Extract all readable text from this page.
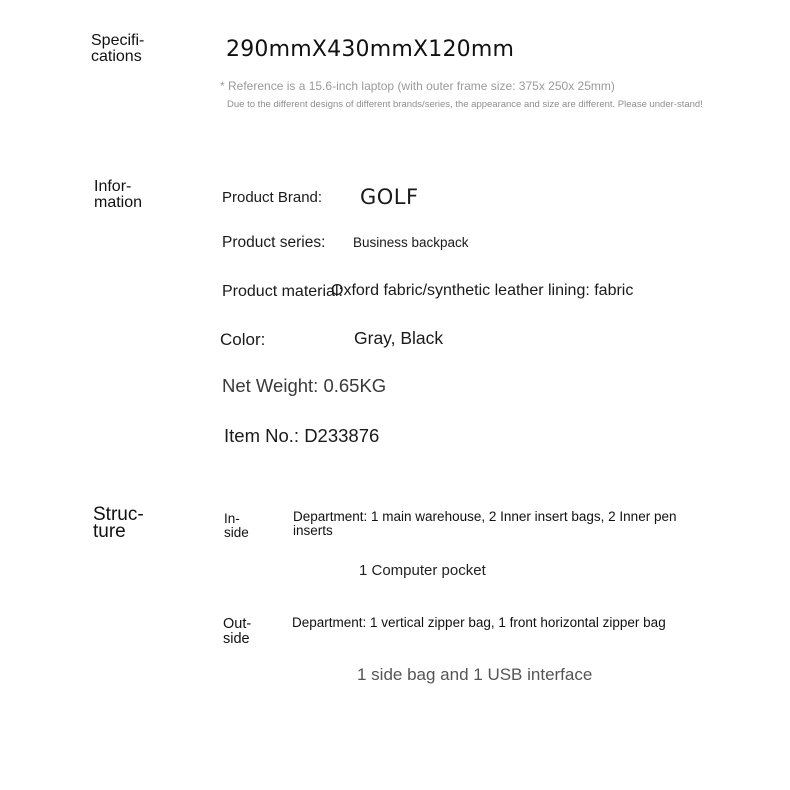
Specifi-
cations	290mmX430mmX120mm
* Reference is a 15.6-inch laptop (with outer frame size: 375x 250x 25mm)
Due to the different designs of different brands/series, the appearance and size are different. Please under-stand!
Infor-
mation	Product Brand: GOLF
Product series: Business backpack
Product material:
Oxford fabric/synthetic leather lining: fabric
Color:	Gray, Black
Net Weight: 0.65KG
Item No.: D233876
Struc-
ture
In-
side
Department: 1 main warehouse, 2 Inner insert bags, 2 Inner pen inserts
1 Computer pocket
Out-
side
Department: 1 vertical zipper bag, 1 front horizontal zipper bag
1 side bag and 1 USB interface
